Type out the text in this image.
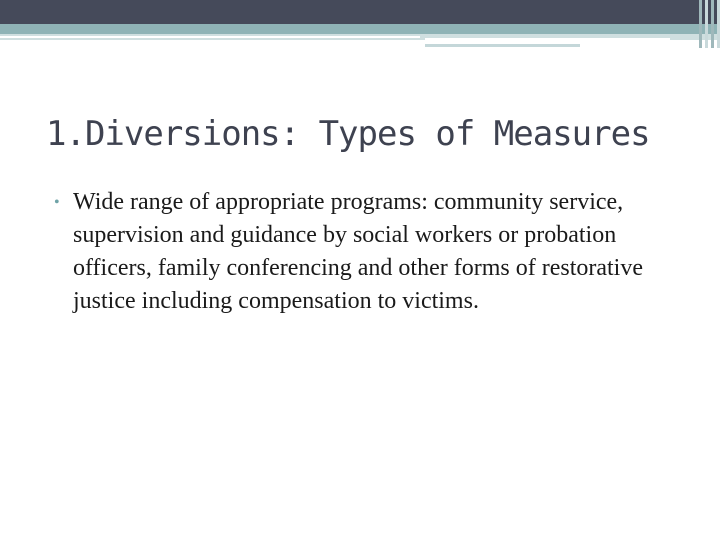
1.Diversions: Types of Measures
• Wide range of appropriate programs: community service, supervision and guidance by social workers or probation officers, family conferencing and other forms of restorative justice including compensation to victims.
